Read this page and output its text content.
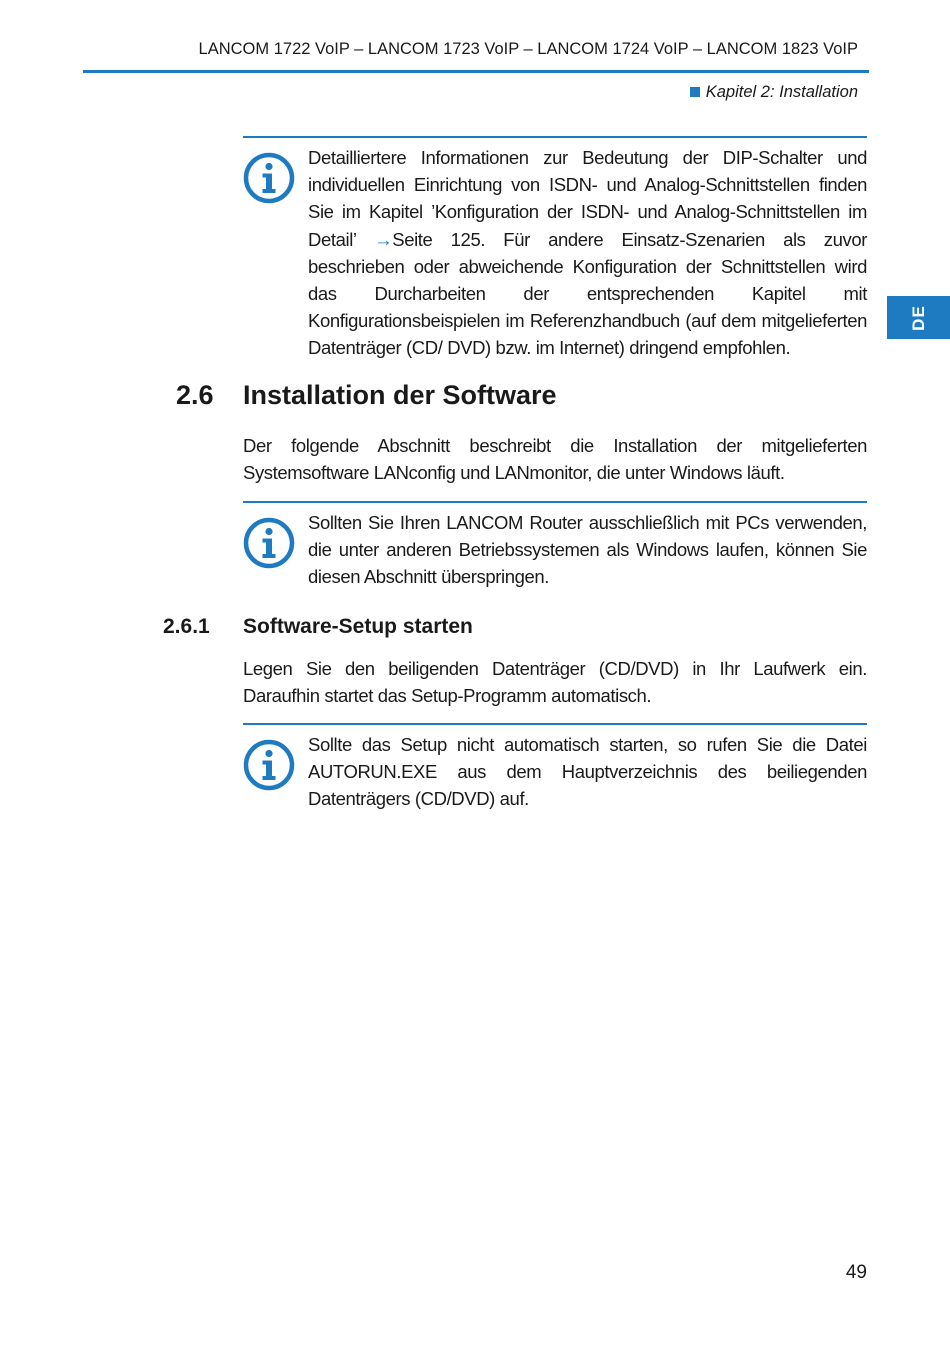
LANCOM 1722 VoIP – LANCOM 1723 VoIP – LANCOM 1724 VoIP – LANCOM 1823 VoIP
Kapitel 2: Installation
DE
Detailliertere Informationen zur Bedeutung der DIP‑Schalter und individuellen Einrichtung von ISDN‑ und Analog‑Schnittstellen finden Sie im Kapitel ’Konfiguration der ISDN‑ und Analog‑Schnittstellen im Detail’ →Seite 125. Für andere Einsatz‑Szenarien als zuvor beschrieben oder abweichende Konfiguration der Schnittstellen wird das Durcharbeiten der entsprechenden Kapitel mit Konfigurationsbeispielen im Referenzhandbuch (auf dem mitgelieferten Datenträger (CD/ DVD) bzw. im Internet) dringend empfohlen.
2.6 Installation der Software
Der folgende Abschnitt beschreibt die Installation der mitgelieferten Systemsoftware LANconfig und LANmonitor, die unter Windows läuft.
Sollten Sie Ihren LANCOM Router ausschließlich mit PCs verwenden, die unter anderen Betriebssystemen als Windows laufen, können Sie diesen Abschnitt überspringen.
2.6.1 Software‑Setup starten
Legen Sie den beiligenden Datenträger (CD/DVD) in Ihr Laufwerk ein. Daraufhin startet das Setup‑Programm automatisch.
Sollte das Setup nicht automatisch starten, so rufen Sie die Datei AUTORUN.EXE aus dem Hauptverzeichnis des beiliegenden Datenträgers (CD/DVD) auf.
49
